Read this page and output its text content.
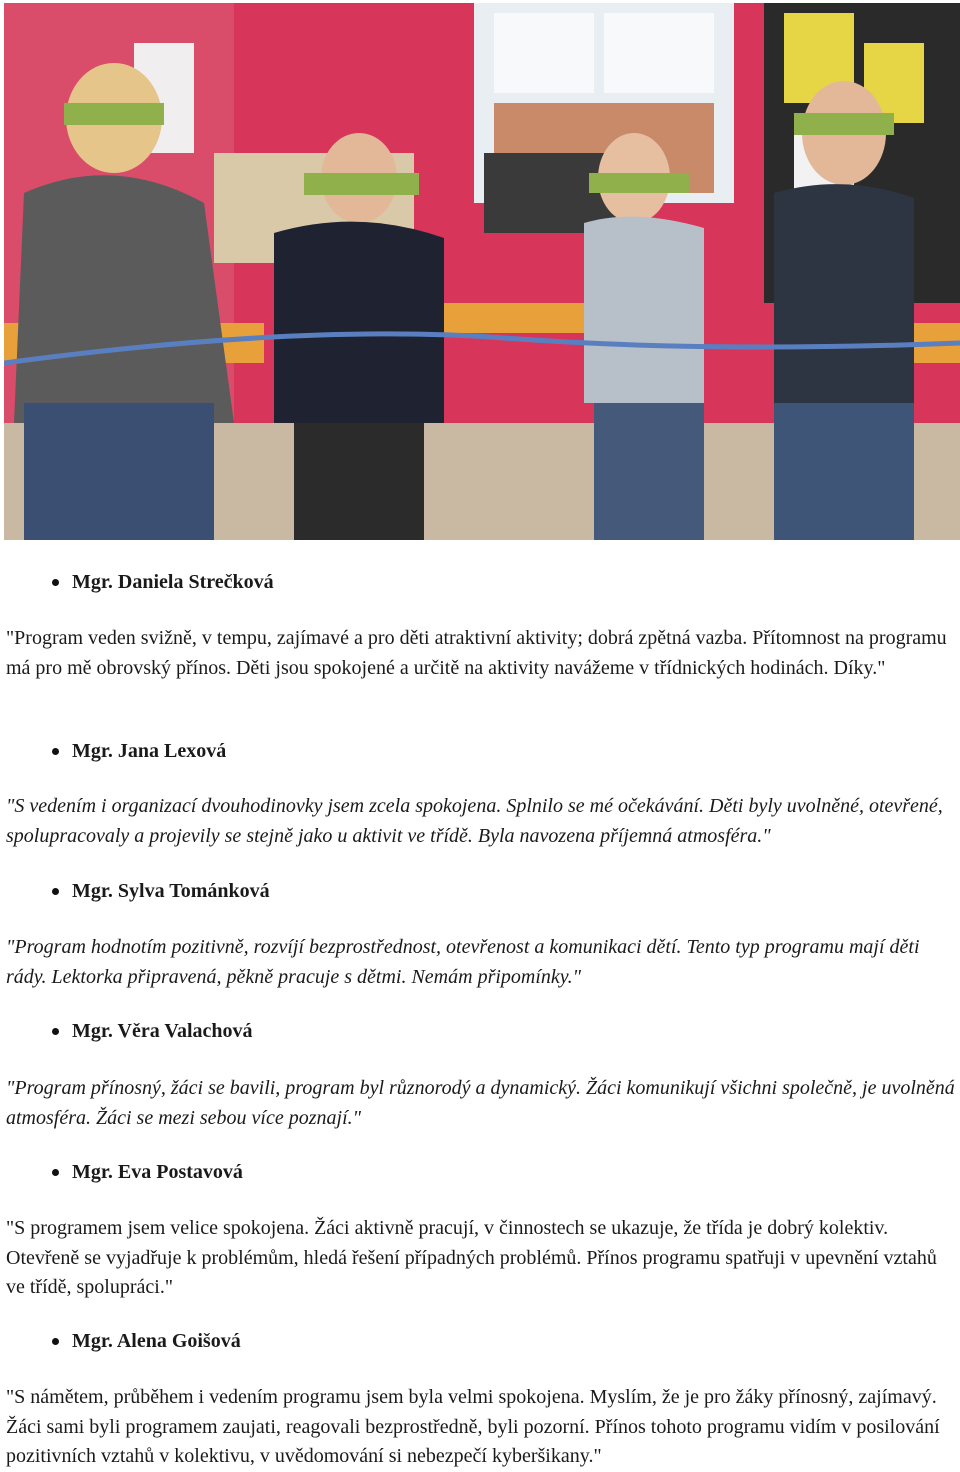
Mgr. Daniela Strečková

"Program veden svižně, v tempu, zajímavé a pro děti atraktivní aktivity; dobrá zpětná vazba. Přítomnost na programu má pro mě obrovský přínos. Děti jsou spokojené a určitě na aktivity navážeme v třídnických hodinách. Díky."

Mgr. Jana Lexová

"S vedením i organizací dvouhodinovky jsem zcela spokojena. Splnilo se mé očekávání. Děti byly uvolněné, otevřené, spolupracovaly a projevily se stejně jako u aktivit ve třídě. Byla navozena příjemná atmosféra."

Mgr. Sylva Tománková

"Program hodnotím pozitivně, rozvíjí bezprostřednost, otevřenost a komunikaci dětí. Tento typ programu mají děti rády. Lektorka připravená, pěkně pracuje s dětmi. Nemám připomínky."

Mgr. Věra Valachová

"Program přínosný, žáci se bavili, program byl různorodý a dynamický. Žáci komunikují všichni společně, je uvolněná atmosféra. Žáci se mezi sebou více poznají."

Mgr. Eva Postavová

"S programem jsem velice spokojena. Žáci aktivně pracují, v činnostech se ukazuje, že třída je dobrý kolektiv. Otevřeně se vyjadřuje k problémům, hledá řešení případných problémů. Přínos programu spatřuji v upevnění vztahů ve třídě, spolupráci."

Mgr. Alena Goišová

"S námětem, průběhem i vedením programu jsem byla velmi spokojena. Myslím, že je pro žáky přínosný, zajímavý. Žáci sami byli programem zaujati, reagovali bezprostředně, byli pozorní. Přínos tohoto programu vidím v posilování pozitivních vztahů v kolektivu, v uvědomování si nebezpečí kyberšikany."
